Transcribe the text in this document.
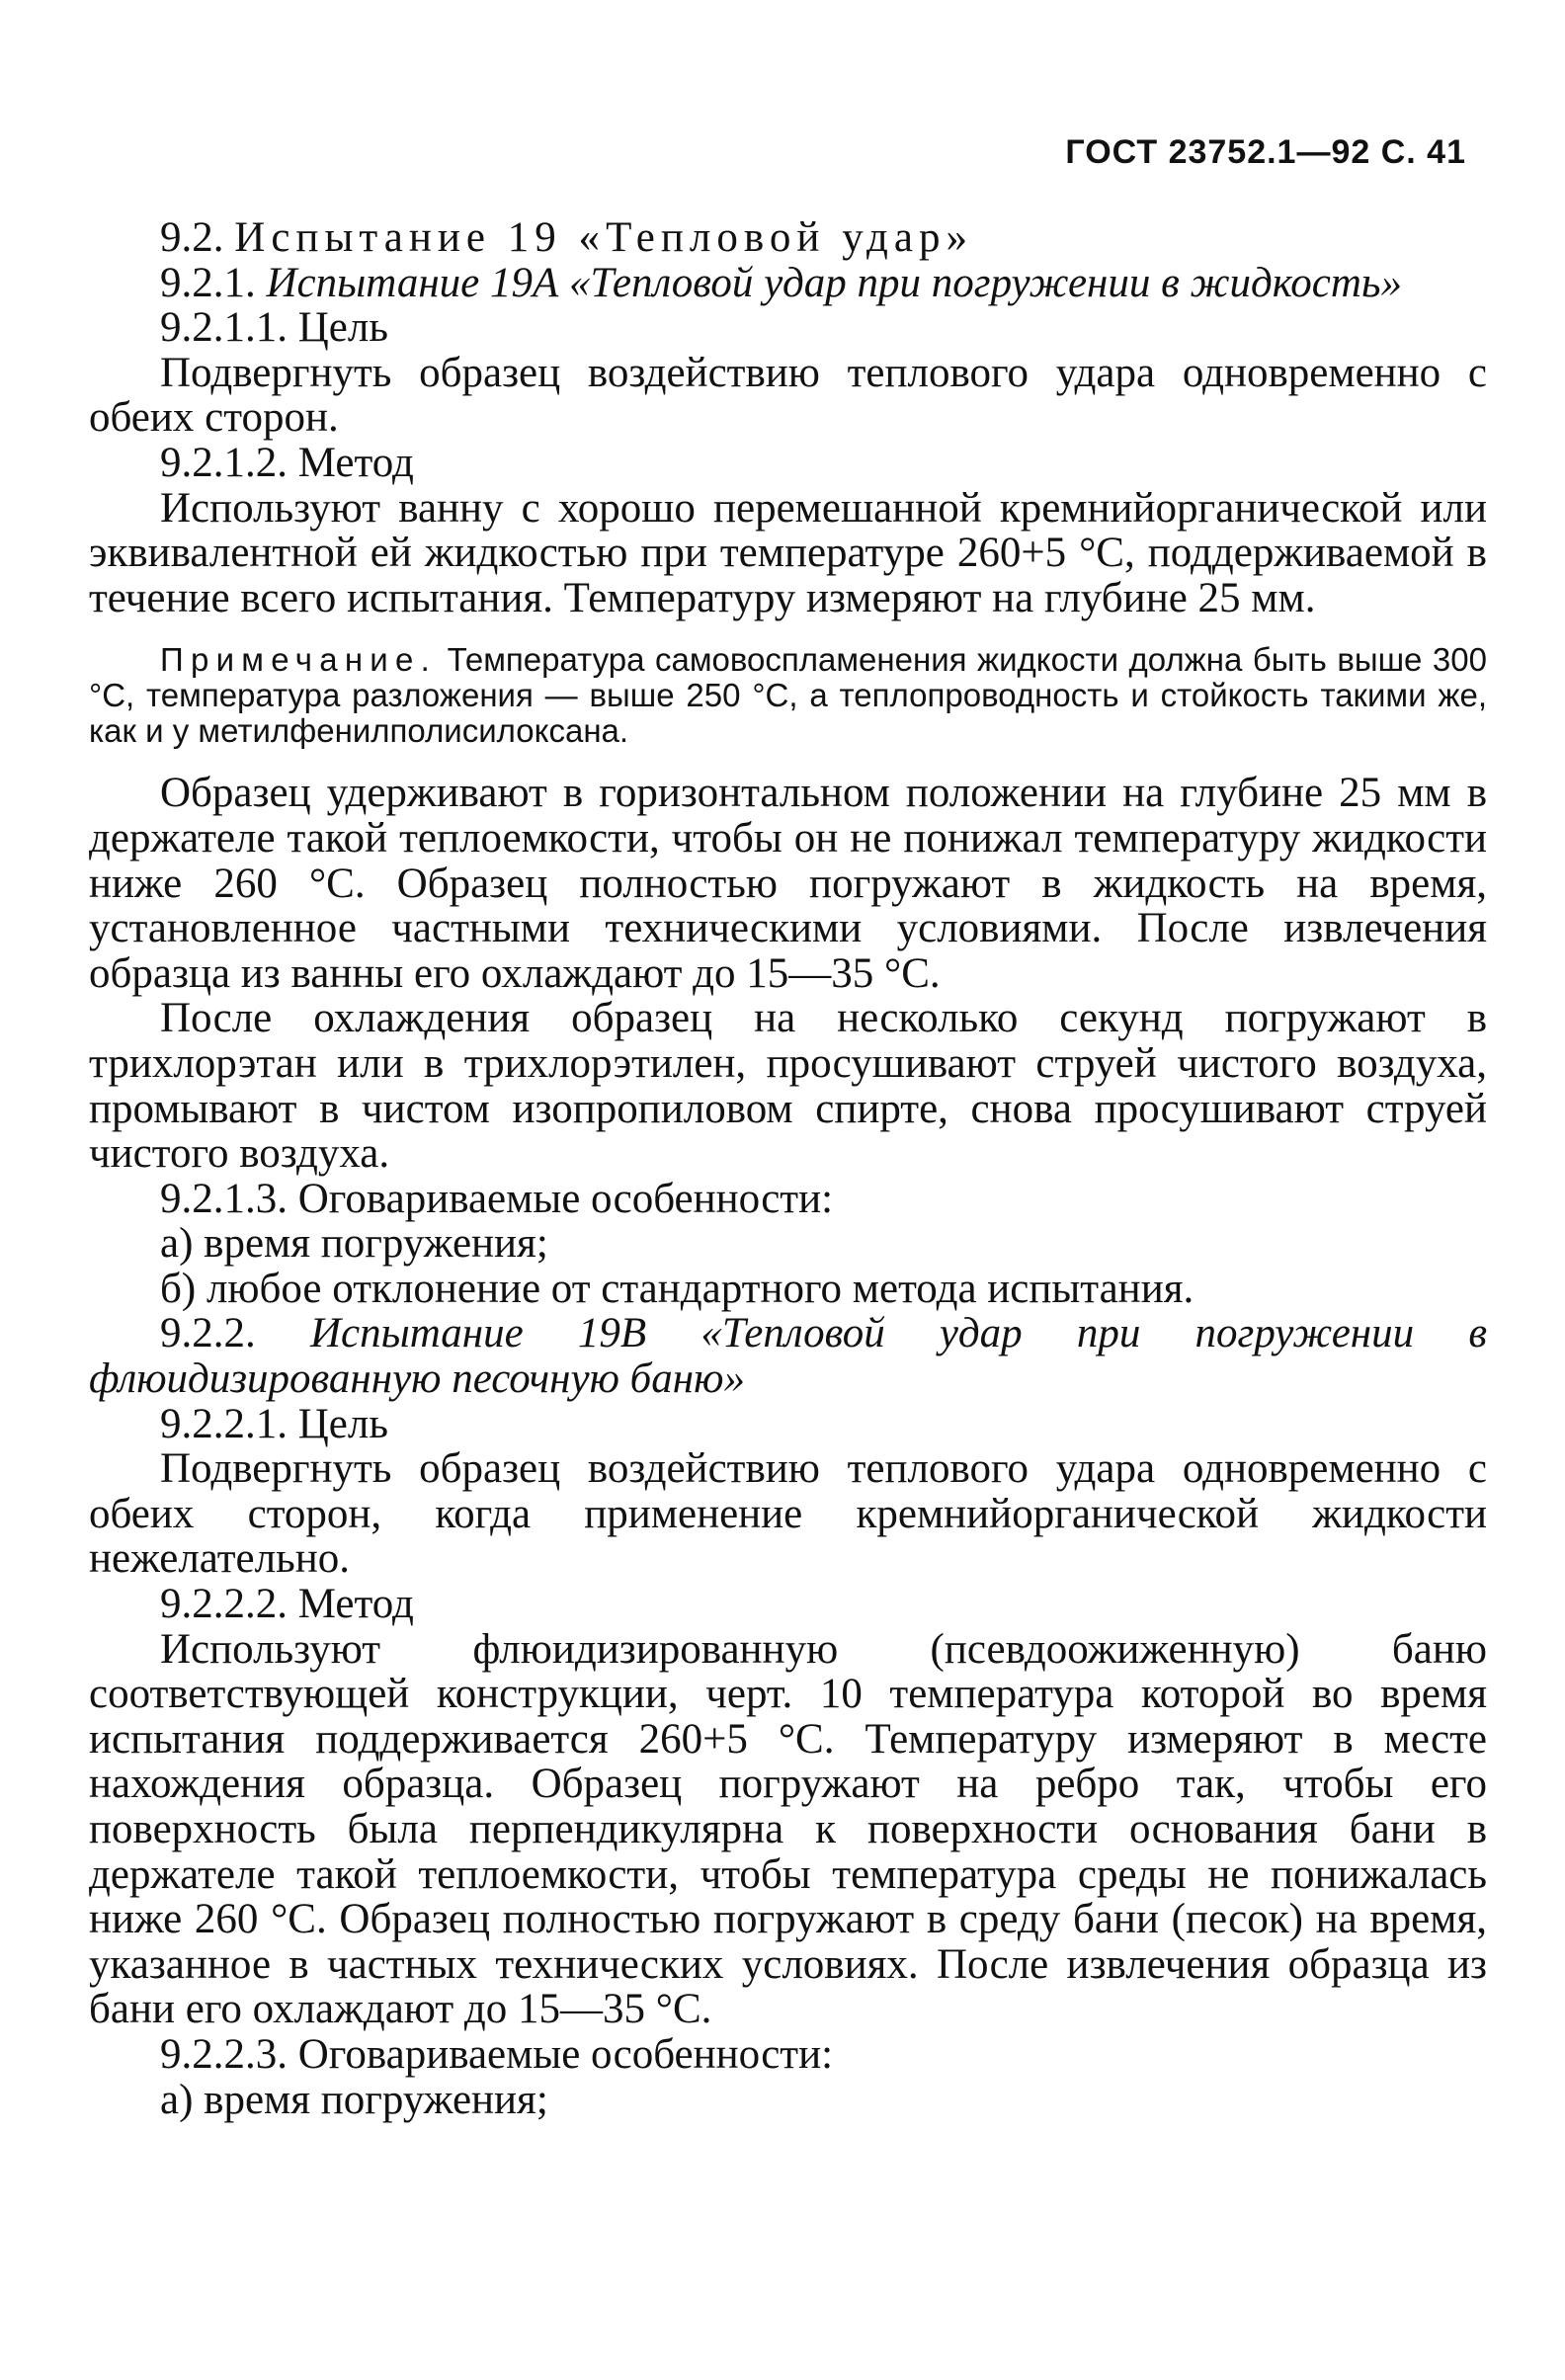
ГОСТ 23752.1—92 С. 41

9.2. Испытание 19 «Тепловой удар»

9.2.1. Испытание 19А «Тепловой удар при погружении в жидкость»

9.2.1.1. Цель

Подвергнуть образец воздействию теплового удара одновременно с обеих сторон.

9.2.1.2. Метод

Используют ванну с хорошо перемешанной кремнийорганической или эквивалентной ей жидкостью при температуре 260+5 °С, поддерживаемой в течение всего испытания. Температуру измеряют на глубине 25 мм.

Примечание. Температура самовоспламенения жидкости должна быть выше 300 °С, температура разложения — выше 250 °С, а теплопроводность и стойкость такими же, как и у метилфенилполисилоксана.

Образец удерживают в горизонтальном положении на глубине 25 мм в держателе такой теплоемкости, чтобы он не понижал температуру жидкости ниже 260 °С. Образец полностью погружают в жидкость на время, установленное частными техническими условиями. После извлечения образца из ванны его охлаждают до 15—35 °С.

После охлаждения образец на несколько секунд погружают в трихлорэтан или в трихлорэтилен, просушивают струей чистого воздуха, промывают в чистом изопропиловом спирте, снова просушивают струей чистого воздуха.

9.2.1.3. Оговариваемые особенности:

а) время погружения;

б) любое отклонение от стандартного метода испытания.

9.2.2. Испытание 19В «Тепловой удар при погружении в флюидизированную песочную баню»

9.2.2.1. Цель

Подвергнуть образец воздействию теплового удара одновременно с обеих сторон, когда применение кремнийорганической жидкости нежелательно.

9.2.2.2. Метод

Используют флюидизированную (псевдоожиженную) баню соответствующей конструкции, черт. 10 температура которой во время испытания поддерживается 260+5 °С. Температуру измеряют в месте нахождения образца. Образец погружают на ребро так, чтобы его поверхность была перпендикулярна к поверхности основания бани в держателе такой теплоемкости, чтобы температура среды не понижалась ниже 260 °С. Образец полностью погружают в среду бани (песок) на время, указанное в частных технических условиях. После извлечения образца из бани его охлаждают до 15—35 °С.

9.2.2.3. Оговариваемые особенности:

а) время погружения;
